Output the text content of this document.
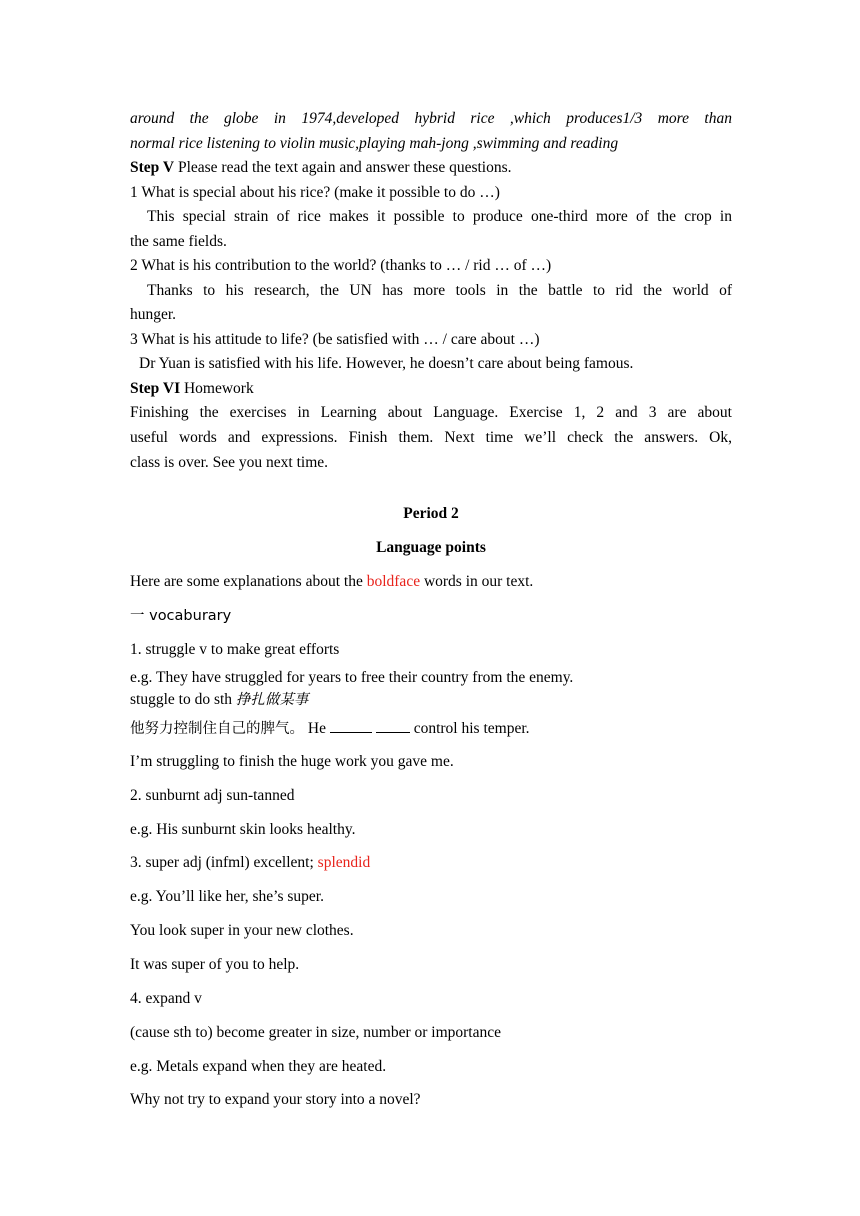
around the globe in 1974,developed hybrid rice ,which produces1/3 more than
normal rice listening to violin music,playing mah-jong ,swimming and reading
Step V Please read the text again and answer these questions.
1 What is special about his rice? (make it possible to do …)
This special strain of rice makes it possible to produce one-third more of the crop in
the same fields.
2 What is his contribution to the world? (thanks to … / rid … of …)
Thanks to his research, the UN has more tools in the battle to rid the world of
hunger.
3 What is his attitude to life? (be satisfied with … / care about …)
Dr Yuan is satisfied with his life. However, he doesn’t care about being famous.
Step VI Homework
Finishing the exercises in Learning about Language. Exercise 1, 2 and 3 are about
useful words and expressions. Finish them. Next time we’ll check the answers. Ok,
class is over. See you next time.
Period 2
Language points
Here are some explanations about the boldface words in our text.
一 vocaburary
1. struggle v to make great efforts
e.g. They have struggled for years to free their country from the enemy.
stuggle to do sth 挣扎做某事
他努力控制住自己的脾气。 He	control his temper.
I’m struggling to finish the huge work you gave me.
2. sunburnt adj sun-tanned
e.g. His sunburnt skin looks healthy.
3. super adj (infml) excellent; splendid
e.g. You’ll like her, she’s super.
You look super in your new clothes.
It was super of you to help.
4. expand v
(cause sth to) become greater in size, number or importance
e.g. Metals expand when they are heated.
Why not try to expand your story into a novel?
